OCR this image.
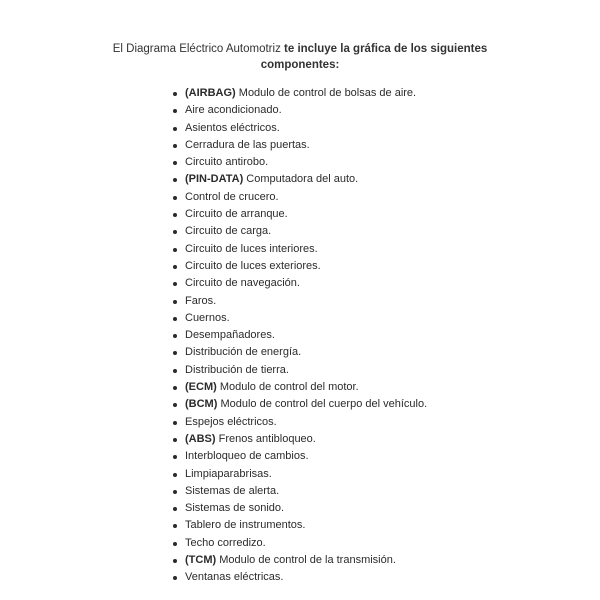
El Diagrama Eléctrico Automotriz te incluye la gráfica de los siguientes
componentes:
(AIRBAG) Modulo de control de bolsas de aire.
Aire acondicionado.
Asientos eléctricos.
Cerradura de las puertas.
Circuito antirobo.
(PIN-DATA) Computadora del auto.
Control de crucero.
Circuito de arranque.
Circuito de carga.
Circuito de luces interiores.
Circuito de luces exteriores.
Circuito de navegación.
Faros.
Cuernos.
Desempañadores.
Distribución de energía.
Distribución de tierra.
(ECM) Modulo de control del motor.
(BCM) Modulo de control del cuerpo del vehículo.
Espejos eléctricos.
(ABS) Frenos antibloqueo.
Interbloqueo de cambios.
Limpiaparabrisas.
Sistemas de alerta.
Sistemas de sonido.
Tablero de instrumentos.
Techo corredizo.
(TCM) Modulo de control de la transmisión.
Ventanas eléctricas.
